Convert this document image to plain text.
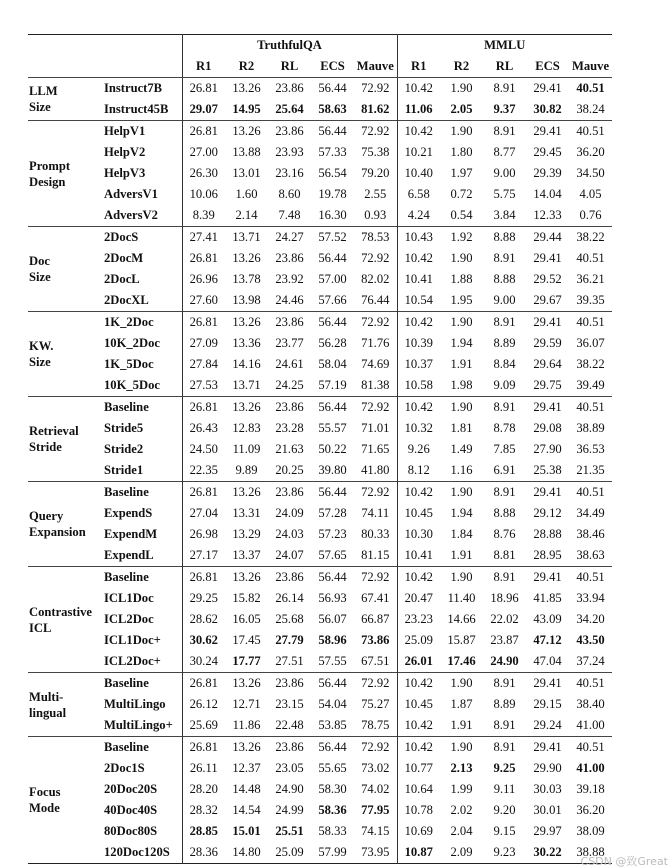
		TruthfulQA					MMLU				
		R1	R2	RL	ECS	Mauve	R1	R2	RL	ECS	Mauve
LLM
Size	Instruct7B	26.81	13.26	23.86	56.44	72.92	10.42	1.90	8.91	29.41	40.51
	Instruct45B	29.07	14.95	25.64	58.63	81.62	11.06	2.05	9.37	30.82	38.24
Prompt
Design	HelpV1	26.81	13.26	23.86	56.44	72.92	10.42	1.90	8.91	29.41	40.51
	HelpV2	27.00	13.88	23.93	57.33	75.38	10.21	1.80	8.77	29.45	36.20
	HelpV3	26.30	13.01	23.16	56.54	79.20	10.40	1.97	9.00	29.39	34.50
	AdversV1	10.06	1.60	8.60	19.78	2.55	6.58	0.72	5.75	14.04	4.05
	AdversV2	8.39	2.14	7.48	16.30	0.93	4.24	0.54	3.84	12.33	0.76
Doc
Size	2DocS	27.41	13.71	24.27	57.52	78.53	10.43	1.92	8.88	29.44	38.22
	2DocM	26.81	13.26	23.86	56.44	72.92	10.42	1.90	8.91	29.41	40.51
	2DocL	26.96	13.78	23.92	57.00	82.02	10.41	1.88	8.88	29.52	36.21
	2DocXL	27.60	13.98	24.46	57.66	76.44	10.54	1.95	9.00	29.67	39.35
KW.
Size	1K_2Doc	26.81	13.26	23.86	56.44	72.92	10.42	1.90	8.91	29.41	40.51
	10K_2Doc	27.09	13.36	23.77	56.28	71.76	10.39	1.94	8.89	29.59	36.07
	1K_5Doc	27.84	14.16	24.61	58.04	74.69	10.37	1.91	8.84	29.64	38.22
	10K_5Doc	27.53	13.71	24.25	57.19	81.38	10.58	1.98	9.09	29.75	39.49
Retrieval
Stride	Baseline	26.81	13.26	23.86	56.44	72.92	10.42	1.90	8.91	29.41	40.51
	Stride5	26.43	12.83	23.28	55.57	71.01	10.32	1.81	8.78	29.08	38.89
	Stride2	24.50	11.09	21.63	50.22	71.65	9.26	1.49	7.85	27.90	36.53
	Stride1	22.35	9.89	20.25	39.80	41.80	8.12	1.16	6.91	25.38	21.35
Query
Expansion	Baseline	26.81	13.26	23.86	56.44	72.92	10.42	1.90	8.91	29.41	40.51
	ExpendS	27.04	13.31	24.09	57.28	74.11	10.45	1.94	8.88	29.12	34.49
	ExpendM	26.98	13.29	24.03	57.23	80.33	10.30	1.84	8.76	28.88	38.46
	ExpendL	27.17	13.37	24.07	57.65	81.15	10.41	1.91	8.81	28.95	38.63
Contrastive
ICL	Baseline	26.81	13.26	23.86	56.44	72.92	10.42	1.90	8.91	29.41	40.51
	ICL1Doc	29.25	15.82	26.14	56.93	67.41	20.47	11.40	18.96	41.85	33.94
	ICL2Doc	28.62	16.05	25.68	56.07	66.87	23.23	14.66	22.02	43.09	34.20
	ICL1Doc+	30.62	17.45	27.79	58.96	73.86	25.09	15.87	23.87	47.12	43.50
	ICL2Doc+	30.24	17.77	27.51	57.55	67.51	26.01	17.46	24.90	47.04	37.24
Multi-
lingual	Baseline	26.81	13.26	23.86	56.44	72.92	10.42	1.90	8.91	29.41	40.51
	MultiLingo	26.12	12.71	23.15	54.04	75.27	10.45	1.87	8.89	29.15	38.40
	MultiLingo+	25.69	11.86	22.48	53.85	78.75	10.42	1.91	8.91	29.24	41.00
Focus
Mode	Baseline	26.81	13.26	23.86	56.44	72.92	10.42	1.90	8.91	29.41	40.51
	2Doc1S	26.11	12.37	23.05	55.65	73.02	10.77	2.13	9.25	29.90	41.00
	20Doc20S	28.20	14.48	24.90	58.30	74.02	10.64	1.99	9.11	30.03	39.18
	40Doc40S	28.32	14.54	24.99	58.36	77.95	10.78	2.02	9.20	30.01	36.20
	80Doc80S	28.85	15.01	25.51	58.33	74.15	10.69	2.04	9.15	29.97	38.09
	120Doc120S	28.36	14.80	25.09	57.99	73.95	10.87	2.09	9.23	30.22	38.88
CSDN @致Great
